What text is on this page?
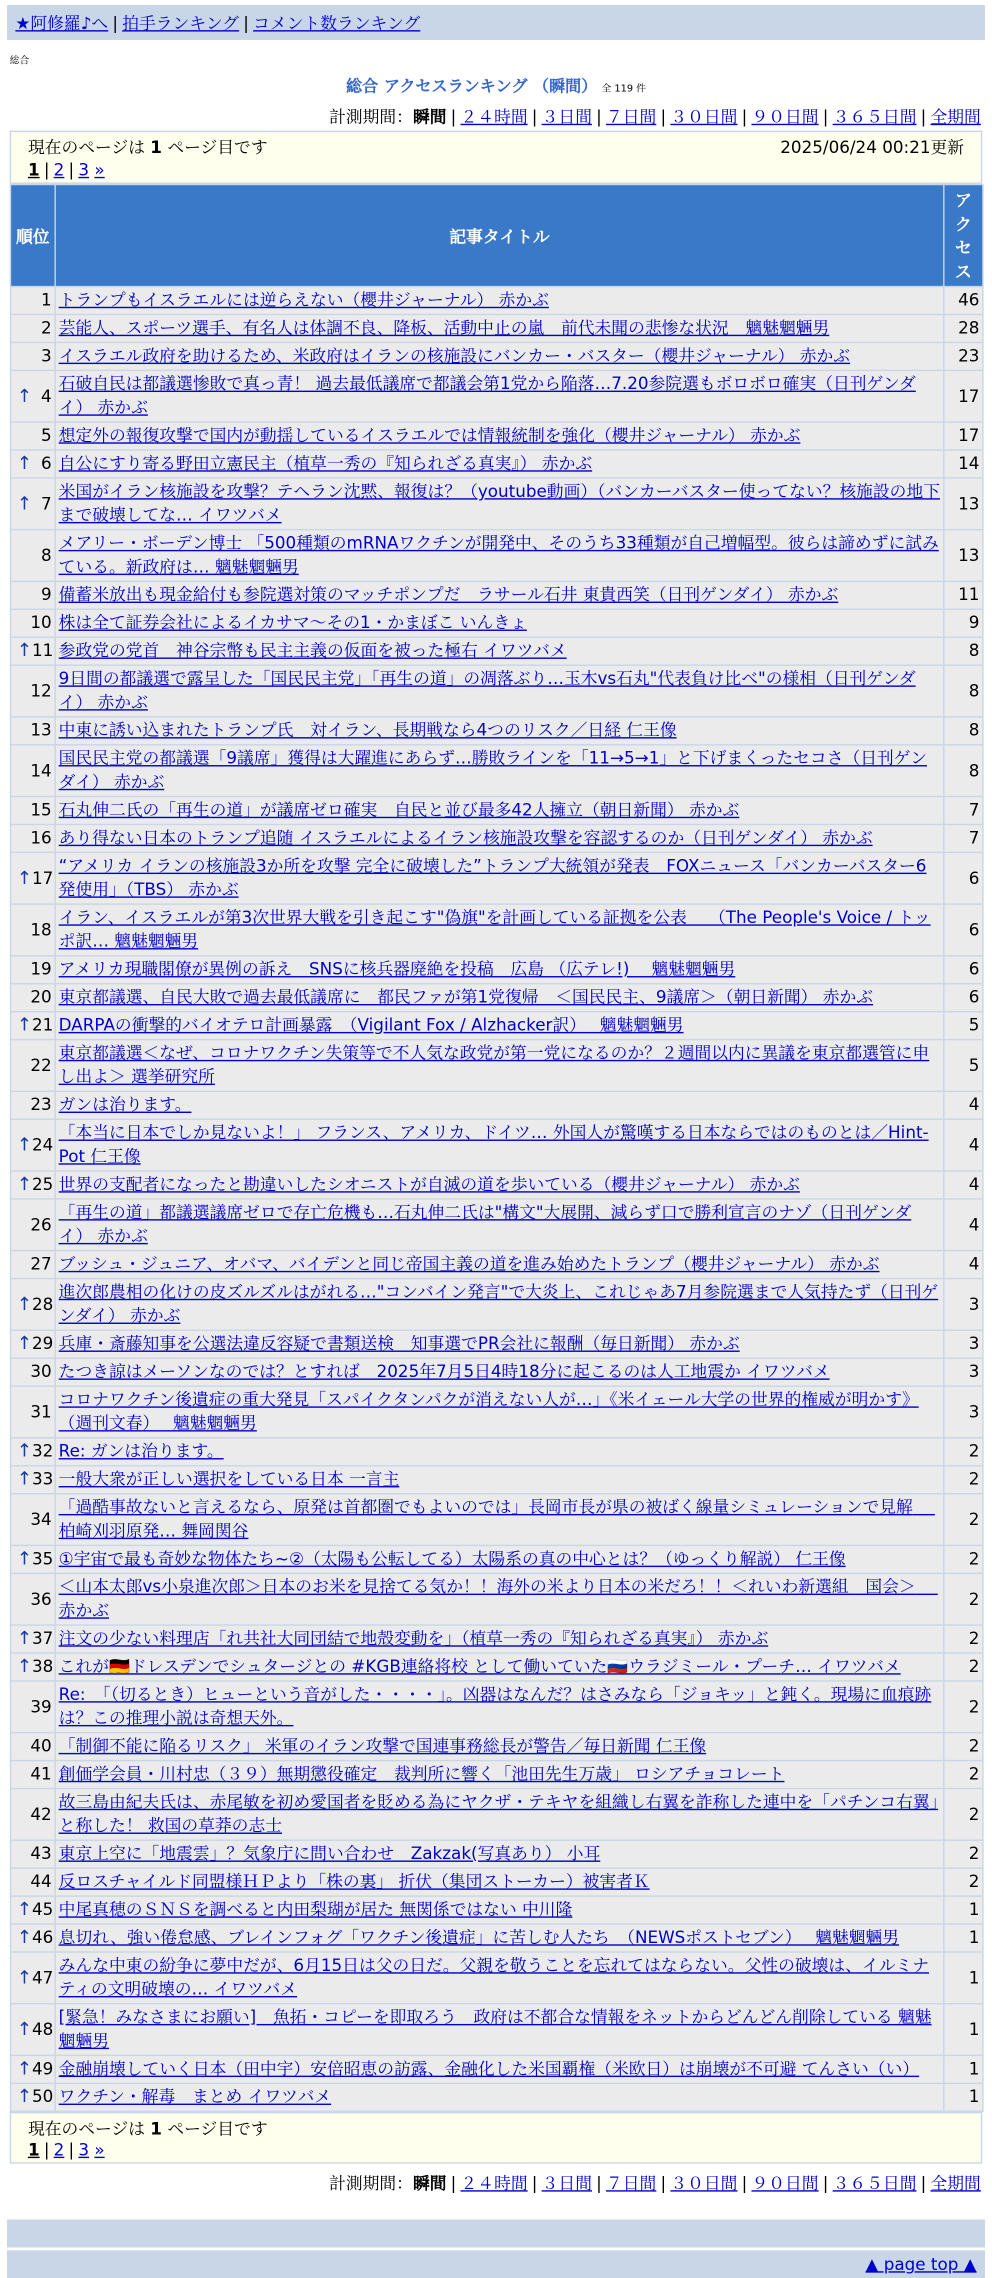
★阿修羅♪へ | 拍手ランキング | コメント数ランキング
総合
総合 アクセスランキング （瞬間） 全 119 件
計測期間：瞬間 | ２４時間 | ３日間 | ７日間 | ３０日間 | ９０日間 | ３６５日間 | 全期間
現在のページは 1 ページ目です	2025/06/24 00:21更新
1 | 2 | 3 »
順位	記事タイトル	アクセス
1	トランプもイスラエルには逆らえない（櫻井ジャーナル） 赤かぶ	46
2	芸能人、スポーツ選手、有名人は体調不良、降板、活動中止の嵐　前代未聞の悲惨な状況　魑魅魍魎男	28
3	イスラエル政府を助けるため、米政府はイランの核施設にバンカー・バスター（櫻井ジャーナル） 赤かぶ	23

↑ 4	石破自民は都議選惨敗で真っ青！ 過去最低議席で都議会第1党から陥落…7.20参院選もボロボロ確実（日刊ゲンダイ） 赤かぶ	17
5	想定外の報復攻撃で国内が動揺しているイスラエルでは情報統制を強化（櫻井ジャーナル） 赤かぶ	17

↑ 6	自公にすり寄る野田立憲民主（植草一秀の『知られざる真実』） 赤かぶ	14

↑ 7	米国がイラン核施設を攻撃？テヘラン沈黙、報復は？（youtube動画）（バンカーバスター使ってない？核施設の地下まで破壊してな… イワツバメ	13
8	メアリー・ボーデン博士 「500種類のmRNAワクチンが開発中、そのうち33種類が自己増幅型。彼らは諦めずに試みている。新政府は… 魑魅魍魎男	13
9	備蓄米放出も現金給付も参院選対策のマッチポンプだ　ラサール石井 東貴西笑（日刊ゲンダイ） 赤かぶ	11
10	株は全て証券会社によるイカサマ～その1・かまぼこ いんきょ	9

↑ 11	参政党の党首　神谷宗幣も民主主義の仮面を被った極右 イワツバメ	8
12	9日間の都議選で露呈した「国民民主党」「再生の道」の凋落ぶり…玉木vs石丸"代表負け比べ"の様相（日刊ゲンダイ） 赤かぶ	8
13	中東に誘い込まれたトランプ氏　対イラン、長期戦なら4つのリスク／日経 仁王像	8
14	国民民主党の都議選「9議席」獲得は大躍進にあらず…勝敗ラインを「11→5→1」と下げまくったセコさ（日刊ゲンダイ） 赤かぶ	8
15	石丸伸二氏の「再生の道」が議席ゼロ確実　自民と並び最多42人擁立（朝日新聞） 赤かぶ	7
16	あり得ない日本のトランプ追随 イスラエルによるイラン核施設攻撃を容認するのか（日刊ゲンダイ） 赤かぶ	7

↑ 17	“アメリカ イランの核施設3か所を攻撃 完全に破壊した”トランプ大統領が発表　FOXニュース「バンカーバスター6発使用」（TBS） 赤かぶ	6
18	イラン、イスラエルが第3次世界大戦を引き起こす"偽旗"を計画している証拠を公表　 （The People's Voice / トッポ訳… 魑魅魍魎男	6
19	アメリカ現職閣僚が異例の訴え　SNSに核兵器廃絶を投稿　広島 （広テレ!)　 魑魅魍魎男	6
20	東京都議選、自民大敗で過去最低議席に　都民ファが第1党復帰　＜国民民主、9議席＞（朝日新聞） 赤かぶ	6

↑ 21	DARPAの衝撃的バイオテロ計画暴露　（Vigilant Fox / Alzhacker訳）　 魑魅魍魎男	5
22	東京都議選＜なぜ、コロナワクチン失策等で不人気な政党が第一党になるのか？２週間以内に異議を東京都選管に申し出よ＞ 選挙研究所	5
23	ガンは治ります。	4

↑ 24	「本当に日本でしか見ないよ！」 フランス、アメリカ、ドイツ… 外国人が驚嘆する日本ならではのものとは／Hint-Pot 仁王像	4

↑ 25	世界の支配者になったと勘違いしたシオニストが自滅の道を歩いている（櫻井ジャーナル） 赤かぶ	4
26	「再生の道」都議選議席ゼロで存亡危機も…石丸伸二氏は"構文"大展開、減らず口で勝利宣言のナゾ（日刊ゲンダイ） 赤かぶ	4
27	ブッシュ・ジュニア、オバマ、バイデンと同じ帝国主義の道を進み始めたトランプ（櫻井ジャーナル） 赤かぶ	4

↑ 28	進次郎農相の化けの皮ズルズルはがれる…"コンバイン発言"で大炎上、これじゃあ7月参院選まで人気持たず（日刊ゲンダイ） 赤かぶ	3

↑ 29	兵庫・斎藤知事を公選法違反容疑で書類送検　知事選でPR会社に報酬（毎日新聞） 赤かぶ	3
30	たつき諒はメーソンなのでは？とすれば　2025年7月5日4時18分に起こるのは人工地震か イワツバメ	3
31	コロナワクチン後遺症の重大発見「スパイクタンパクが消えない人が…」《米イェール大学の世界的権威が明かす》 （週刊文春）　 魑魅魍魎男	3

↑ 32	Re: ガンは治ります。	2

↑ 33	一般大衆が正しい選択をしている日本 一言主	2
34	「過酷事故ないと言えるなら、原発は首都圏でもよいのでは」長岡市長が県の被ばく線量シミュレーションで見解　 柏崎刈羽原発… 舞岡関谷	2

↑ 35	①宇宙で最も奇妙な物体たち~②（太陽も公転してる）太陽系の真の中心とは？（ゆっくり解説） 仁王像	2
36	＜山本太郎vs小泉進次郎＞日本のお米を見捨てる気か！！海外の米より日本の米だろ！！＜れいわ新選組　国会＞　 赤かぶ	2

↑ 37	注文の少ない料理店「れ共社大同団結で地殻変動を」（植草一秀の『知られざる真実』） 赤かぶ	2

↑ 38	これが🇩🇪ドレスデンでシュタージとの #KGB連絡将校 として働いていた🇷🇺ウラジミール・プーチ… イワツバメ	2
39	Re:　「（切るとき）ヒューという音がした・・・・」。凶器はなんだ？はさみなら「ジョキッ」と鈍く。現場に血痕跡は？この推理小説は奇想天外。	2
40	「制御不能に陥るリスク」 米軍のイラン攻撃で国連事務総長が警告／毎日新聞 仁王像	2
41	創価学会員・川村忠（３９）無期懲役確定　裁判所に響く「池田先生万歳」 ロシアチョコレート	2
42	故三島由紀夫氏は、赤尾敏を初め愛国者を貶める為にヤクザ・テキヤを組織し右翼を詐称した連中を「パチンコ右翼」と称した！ 救国の草莽の志士	2
43	東京上空に「地震雲」？気象庁に問い合わせ　Zakzak(写真あり） 小耳	2
44	反ロスチャイルド同盟様ＨＰより「株の裏」 折伏（集団ストーカー）被害者Ｋ	2

↑ 45	中尾真穂のＳＮＳを調べると内田梨瑚が居た 無関係ではない 中川隆	1

↑ 46	息切れ、強い倦怠感、ブレインフォグ「ワクチン後遺症」に苦しむ人たち　（NEWSポストセブン）　 魑魅魍魎男	1

↑ 47	みんな中東の紛争に夢中だが、6月15日は父の日だ。父親を敬うことを忘れてはならない。父性の破壊は、イルミナティの文明破壊の… イワツバメ	1

↑ 48	[緊急！みなさまにお願い]　魚拓・コピーを即取ろう　政府は不都合な情報をネットからどんどん削除している 魑魅魍魎男	1

↑ 49	金融崩壊していく日本（田中宇）安倍昭恵の訪露、金融化した米国覇権（米欧日）は崩壊が不可避 てんさい（い）	1

↑ 50	ワクチン・解毒　まとめ イワツバメ	1
現在のページは 1 ページ目です
1 | 2 | 3 »
計測期間：瞬間 | ２４時間 | ３日間 | ７日間 | ３０日間 | ９０日間 | ３６５日間 | 全期間
▲ page top ▲
